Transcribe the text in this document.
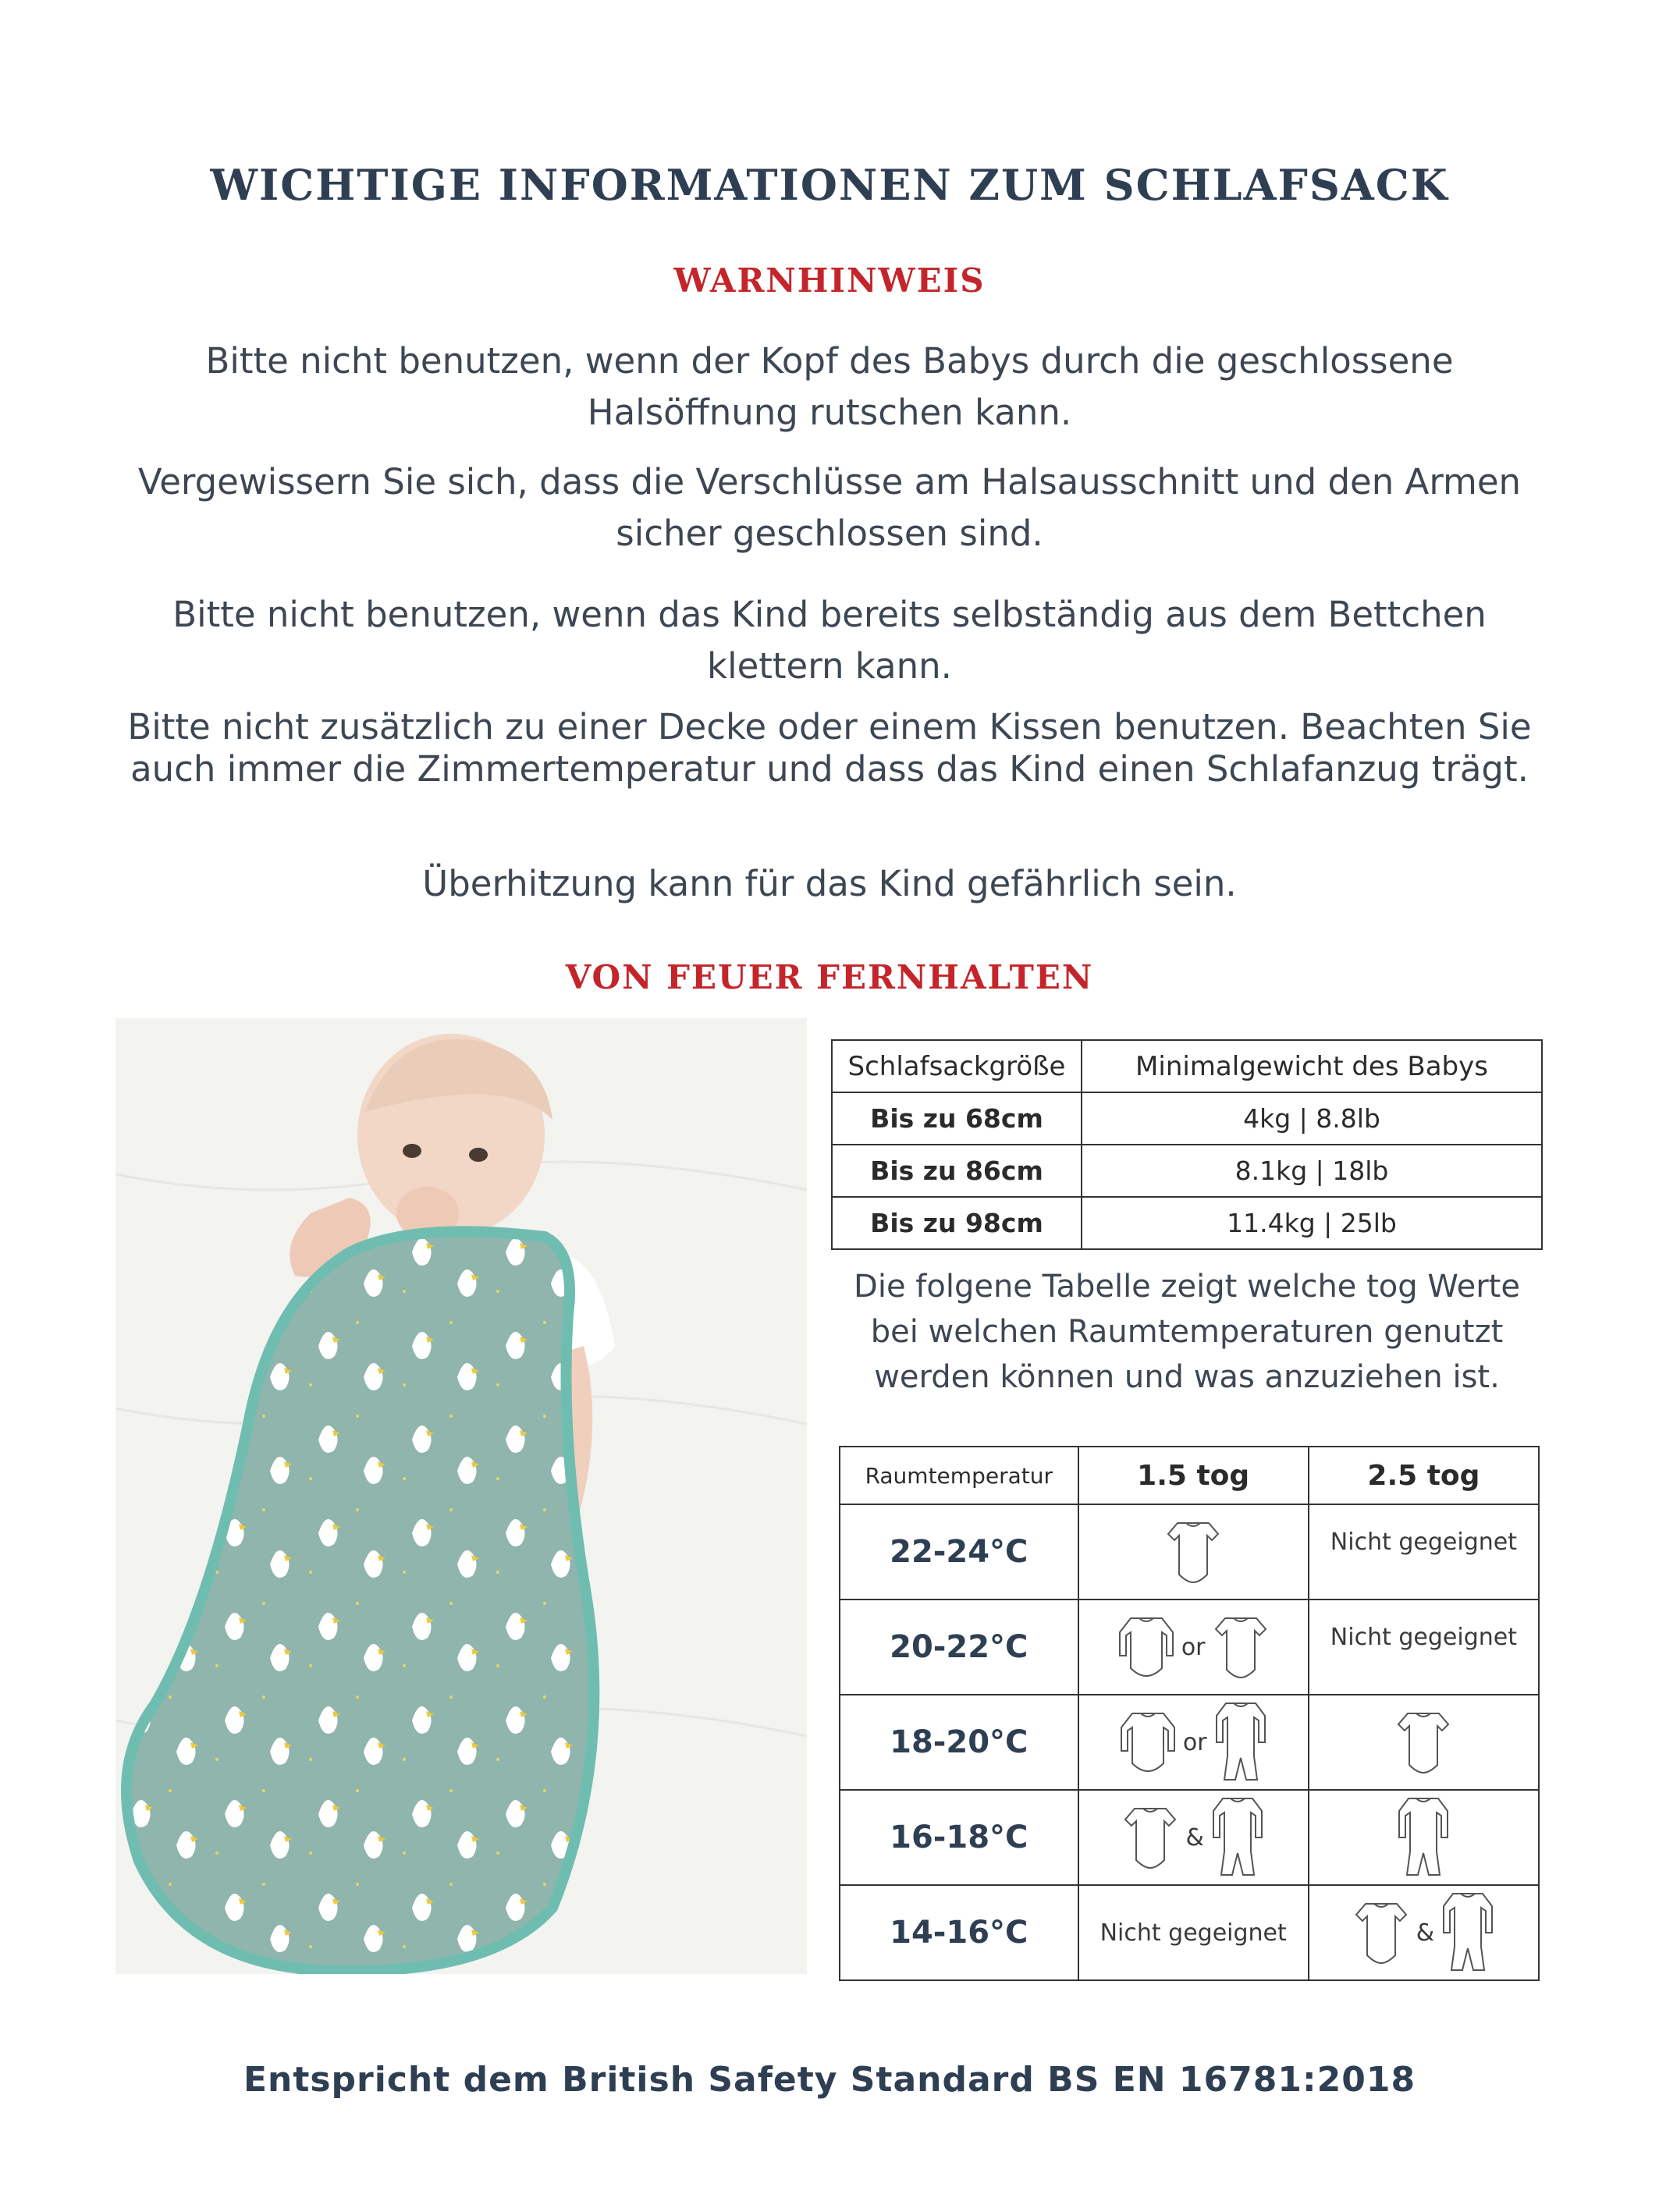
WICHTIGE INFORMATIONEN ZUM SCHLAFSACK
WARNHINWEIS
Bitte nicht benutzen, wenn der Kopf des Babys durch die geschlossene Halsöffnung rutschen kann.
Vergewissern Sie sich, dass die Verschlüsse am Halsausschnitt und den Armen sicher geschlossen sind.
Bitte nicht benutzen, wenn das Kind bereits selbständig aus dem Bettchen klettern kann.
Bitte nicht zusätzlich zu einer Decke oder einem Kissen benutzen. Beachten Sie auch immer die Zimmertemperatur und dass das Kind einen Schlafanzug trägt.
Überhitzung kann für das Kind gefährlich sein.
VON FEUER FERNHALTEN
Schlafsackgröße	Minimalgewicht des Babys
Bis zu 68cm	4kg | 8.8lb
Bis zu 86cm	8.1kg | 18lb
Bis zu 98cm	11.4kg | 25lb
Die folgene Tabelle zeigt welche tog Werte bei welchen Raumtemperaturen genutzt werden können und was anzuziehen ist.
Raumtemperatur	1.5 tog	2.5 tog
22-24°C		Nicht gegeignet

20-22°C	or	Nicht gegeignet

18-20°C	or

16-18°C	&

14-16°C	Nicht gegeignet	&
Entspricht dem British Safety Standard BS EN 16781:2018
